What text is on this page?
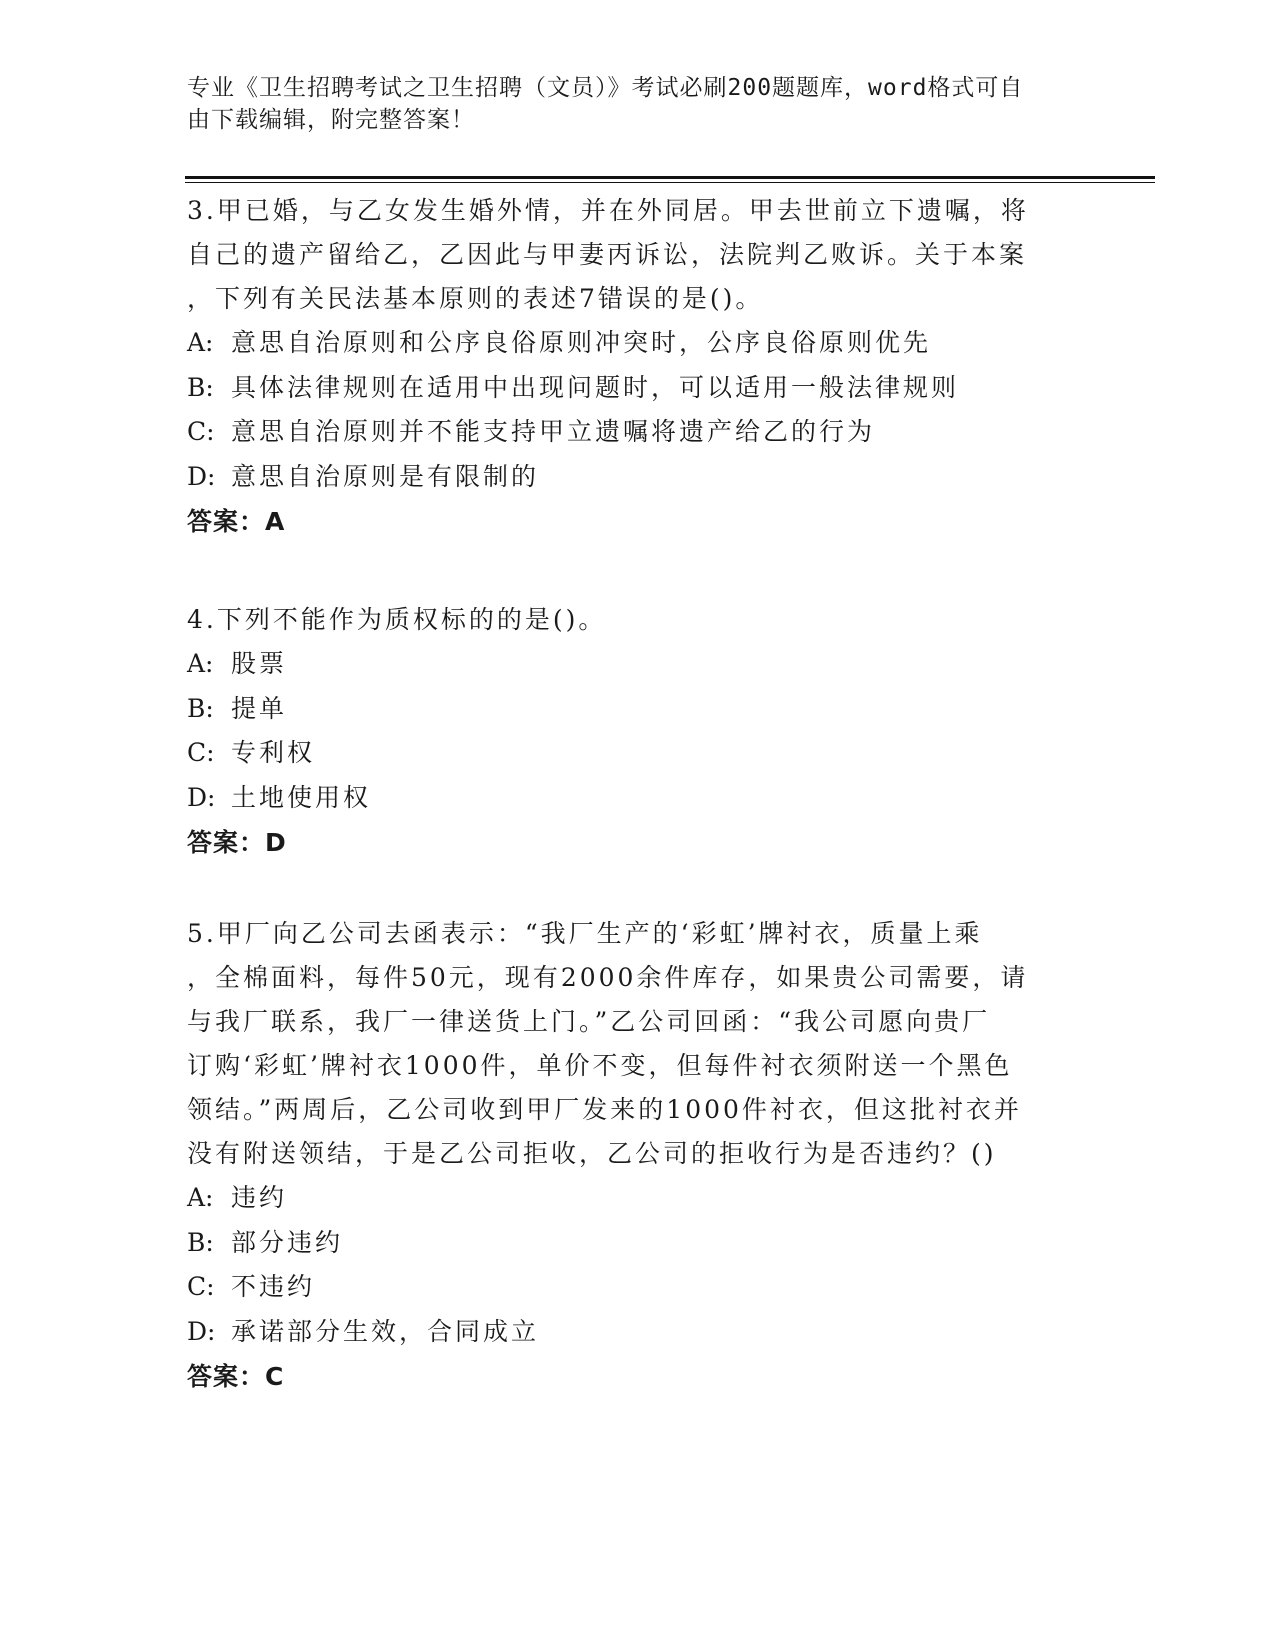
专业《卫生招聘考试之卫生招聘（文员）》考试必刷200题题库，word格式可自
由下载编辑，附完整答案！

3.甲已婚，与乙女发生婚外情，并在外同居。甲去世前立下遗嘱，将

自己的遗产留给乙，乙因此与甲妻丙诉讼，法院判乙败诉。关于本案

，下列有关民法基本原则的表述7错误的是()。

A: 意思自治原则和公序良俗原则冲突时，公序良俗原则优先

B: 具体法律规则在适用中出现问题时，可以适用一般法律规则

C: 意思自治原则并不能支持甲立遗嘱将遗产给乙的行为

D: 意思自治原则是有限制的

答案：A

4.下列不能作为质权标的的是()。

A: 股票

B: 提单

C: 专利权

D: 土地使用权

答案：D

5.甲厂向乙公司去函表示：“我厂生产的‘彩虹’牌衬衣，质量上乘

，全棉面料，每件50元，现有2000余件库存，如果贵公司需要，请

与我厂联系，我厂一律送货上门。”乙公司回函：“我公司愿向贵厂

订购‘彩虹’牌衬衣1000件，单价不变，但每件衬衣须附送一个黑色

领结。”两周后，乙公司收到甲厂发来的1000件衬衣，但这批衬衣并

没有附送领结，于是乙公司拒收，乙公司的拒收行为是否违约？()

A: 违约

B: 部分违约

C: 不违约

D: 承诺部分生效，合同成立

答案：C
